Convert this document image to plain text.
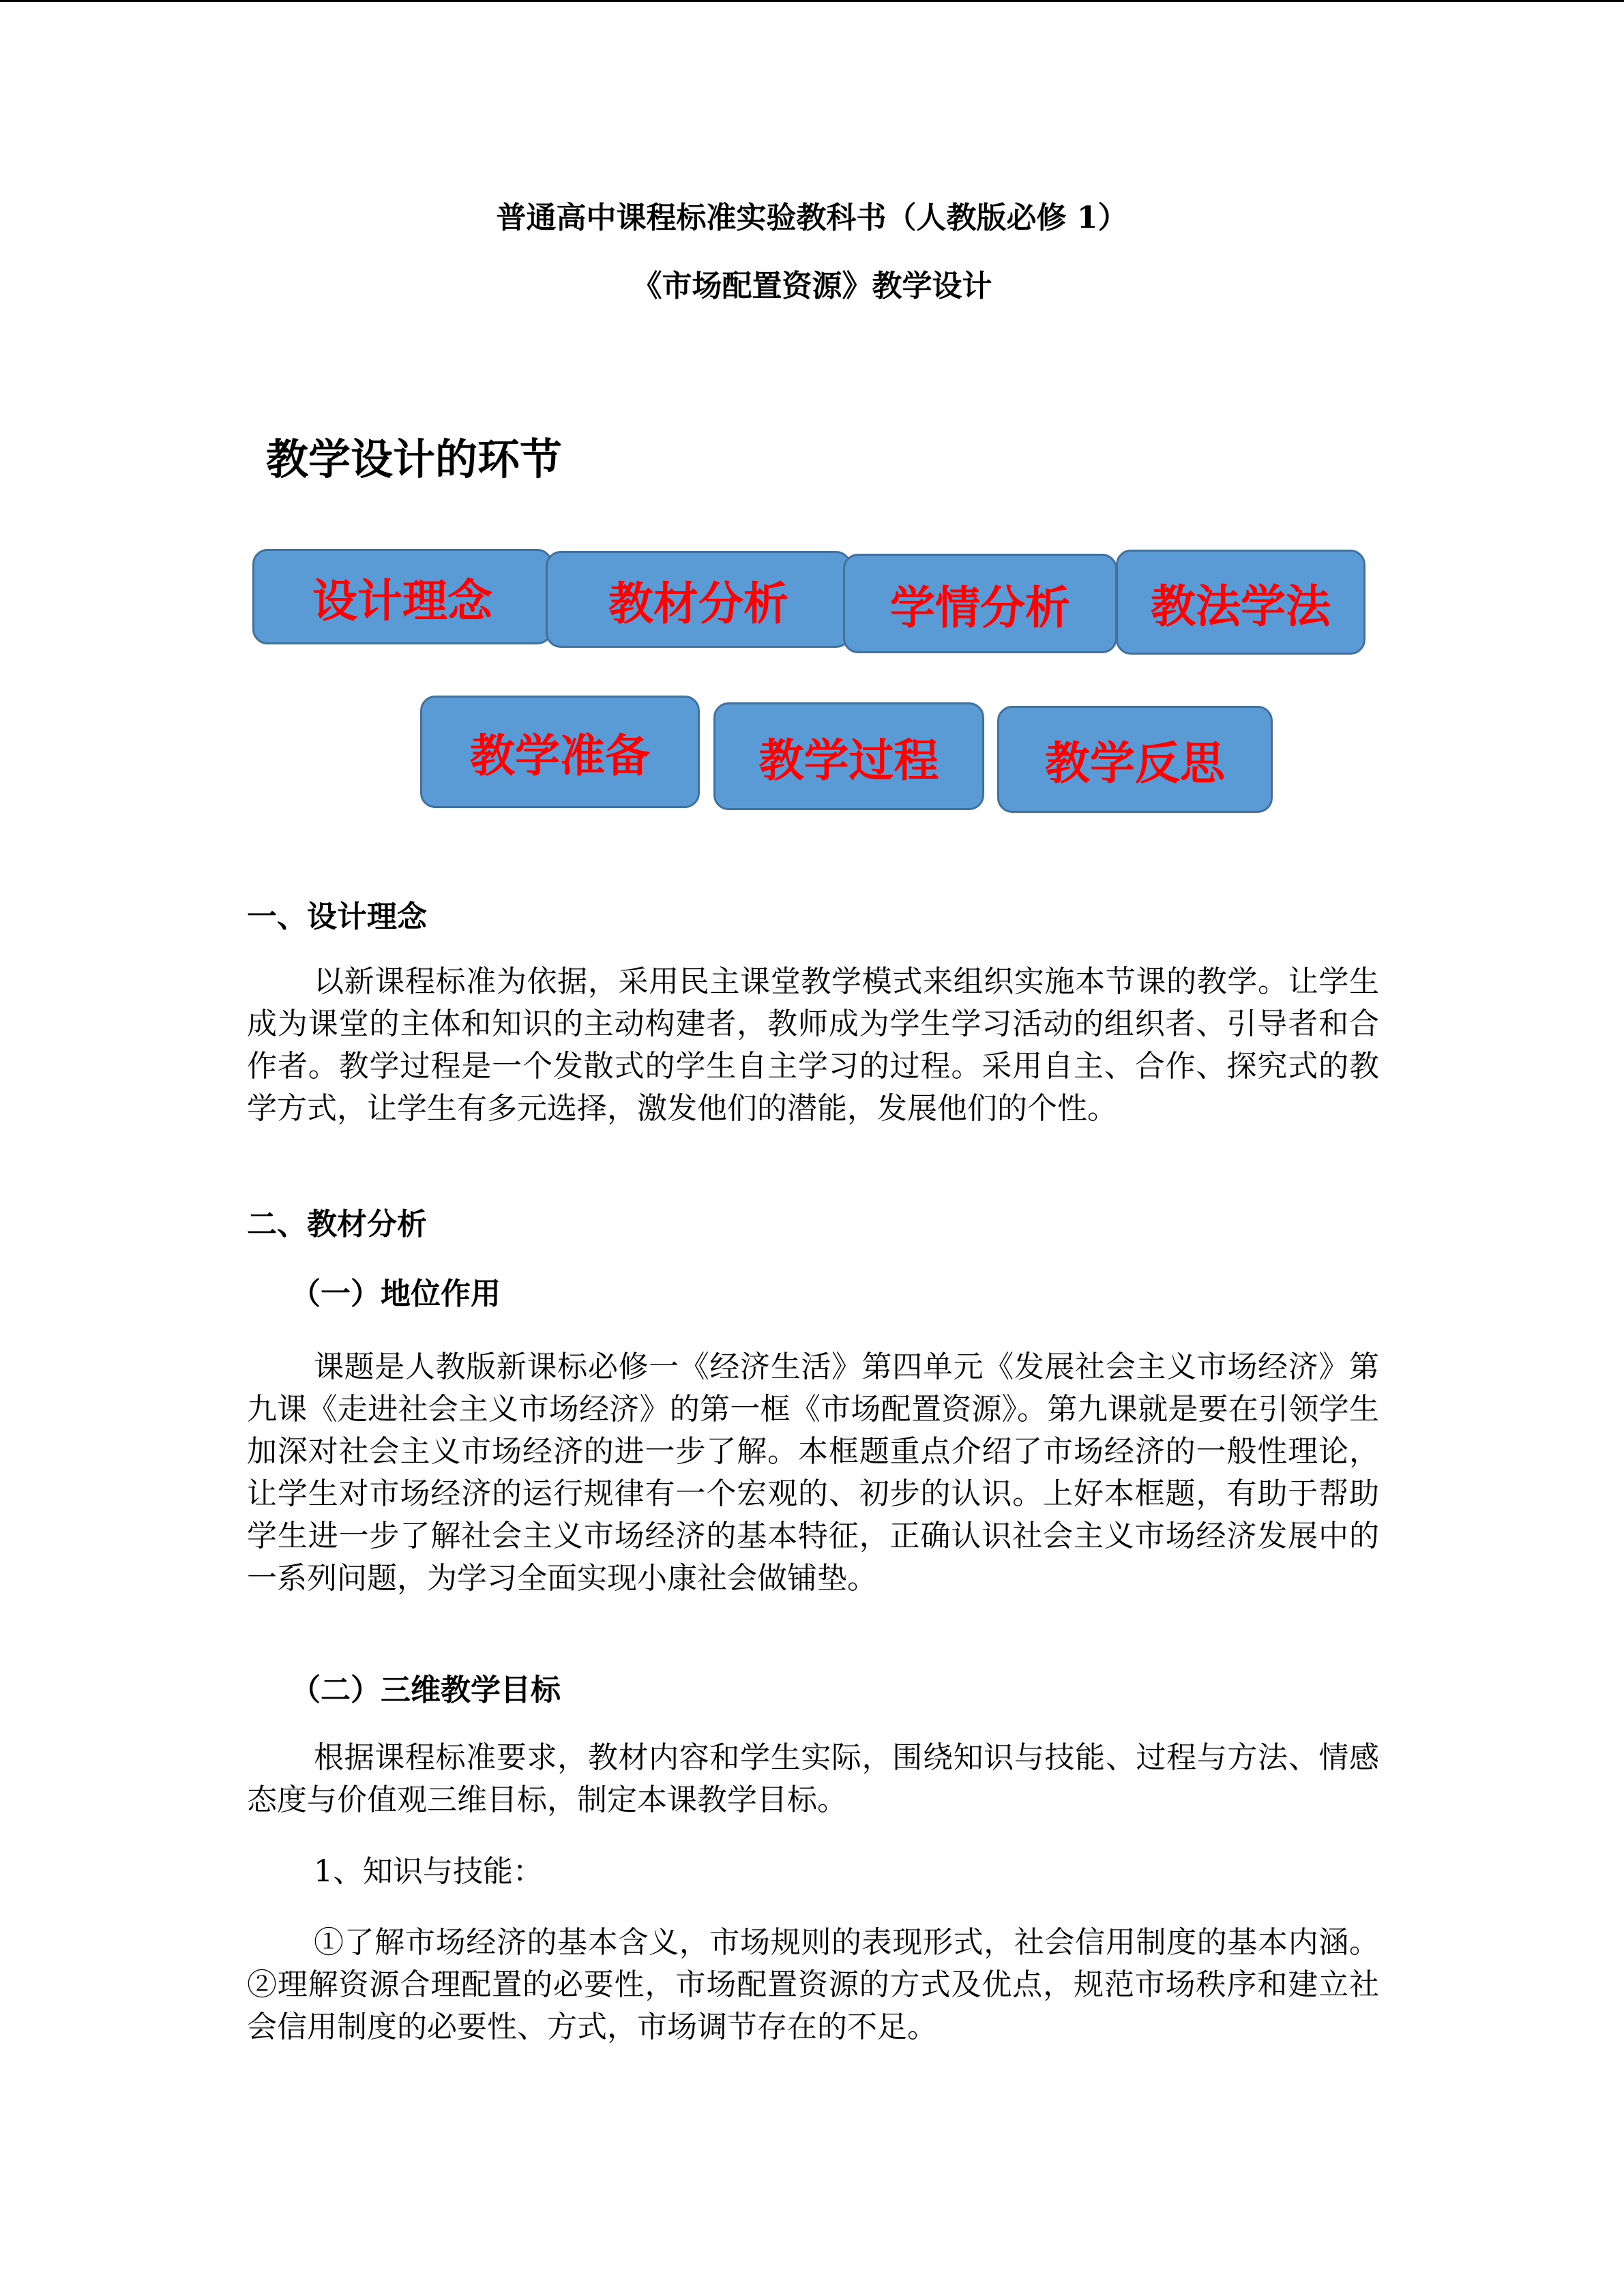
普通高中课程标准实验教科书（人教版必修 1）
《市场配置资源》教学设计
教学设计的环节
设计理念	教材分析	学情分析	教法学法
教学准备	教学过程	教学反思
一、设计理念

以新课程标准为依据，采用民主课堂教学模式来组织实施本节课的教学。让学生成为课堂的主体和知识的主动构建者，教师成为学生学习活动的组织者、引导者和合作者。教学过程是一个发散式的学生自主学习的过程。采用自主、合作、探究式的教学方式，让学生有多元选择，激发他们的潜能，发展他们的个性。

二、教材分析
（一）地位作用

课题是人教版新课标必修一《经济生活》第四单元《发展社会主义市场经济》第九课《走进社会主义市场经济》的第一框《市场配置资源》。第九课就是要在引领学生加深对社会主义市场经济的进一步了解。本框题重点介绍了市场经济的一般性理论，让学生对市场经济的运行规律有一个宏观的、初步的认识。上好本框题，有助于帮助学生进一步了解社会主义市场经济的基本特征，正确认识社会主义市场经济发展中的一系列问题，为学习全面实现小康社会做铺垫。

（二）三维教学目标

根据课程标准要求，教材内容和学生实际，围绕知识与技能、过程与方法、情感态度与价值观三维目标，制定本课教学目标。

1、知识与技能：

①了解市场经济的基本含义，市场规则的表现形式，社会信用制度的基本内涵。②理解资源合理配置的必要性，市场配置资源的方式及优点，规范市场秩序和建立社会信用制度的必要性、方式，市场调节存在的不足。
